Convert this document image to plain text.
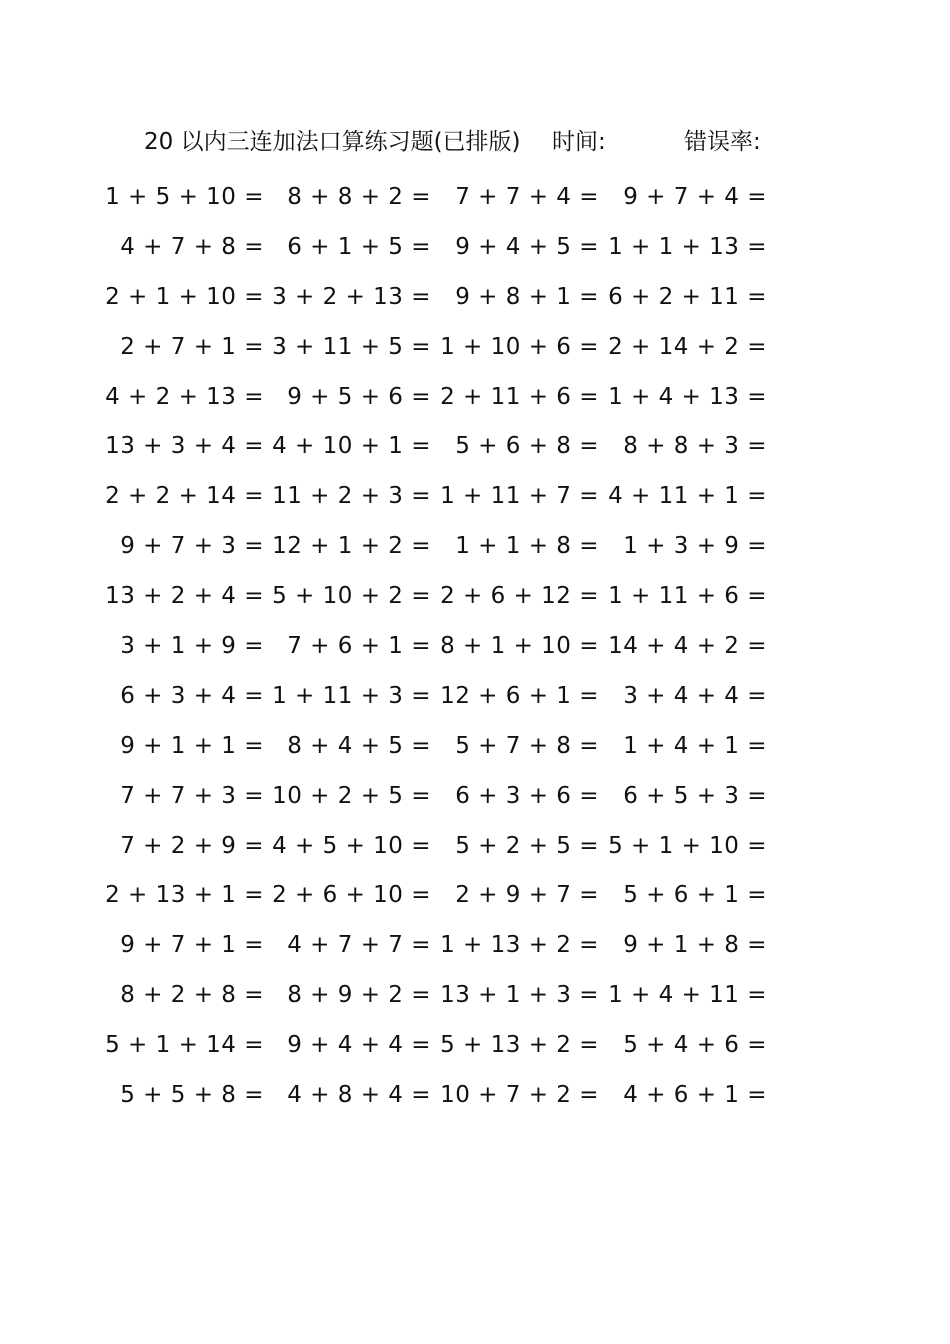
20 以内三连加法口算练习题(已排版) 时间:	错误率:
1 + 5 + 10 =	8 + 8 + 2 =	7 + 7 + 4 =	9 + 7 + 4 =
4 + 7 + 8 =	6 + 1 + 5 =	9 + 4 + 5 = 1 + 1 + 13 =
2 + 1 + 10 = 3 + 2 + 13 =	9 + 8 + 1 = 6 + 2 + 11 =
2 + 7 + 1 = 3 + 11 + 5 = 1 + 10 + 6 = 2 + 14 + 2 =
4 + 2 + 13 =	9 + 5 + 6 = 2 + 11 + 6 = 1 + 4 + 13 =
13 + 3 + 4 = 4 + 10 + 1 =	5 + 6 + 8 =	8 + 8 + 3 =
2 + 2 + 14 = 11 + 2 + 3 = 1 + 11 + 7 = 4 + 11 + 1 =
9 + 7 + 3 = 12 + 1 + 2 =	1 + 1 + 8 =	1 + 3 + 9 =
13 + 2 + 4 = 5 + 10 + 2 = 2 + 6 + 12 = 1 + 11 + 6 =
3 + 1 + 9 =	7 + 6 + 1 = 8 + 1 + 10 = 14 + 4 + 2 =
6 + 3 + 4 = 1 + 11 + 3 = 12 + 6 + 1 =	3 + 4 + 4 =
9 + 1 + 1 =	8 + 4 + 5 =	5 + 7 + 8 =	1 + 4 + 1 =
7 + 7 + 3 = 10 + 2 + 5 =	6 + 3 + 6 =	6 + 5 + 3 =
7 + 2 + 9 = 4 + 5 + 10 =	5 + 2 + 5 = 5 + 1 + 10 =
2 + 13 + 1 = 2 + 6 + 10 =	2 + 9 + 7 =	5 + 6 + 1 =
9 + 7 + 1 =	4 + 7 + 7 = 1 + 13 + 2 =	9 + 1 + 8 =
8 + 2 + 8 =	8 + 9 + 2 = 13 + 1 + 3 = 1 + 4 + 11 =
5 + 1 + 14 =	9 + 4 + 4 = 5 + 13 + 2 =	5 + 4 + 6 =
5 + 5 + 8 =	4 + 8 + 4 = 10 + 7 + 2 =	4 + 6 + 1 =
